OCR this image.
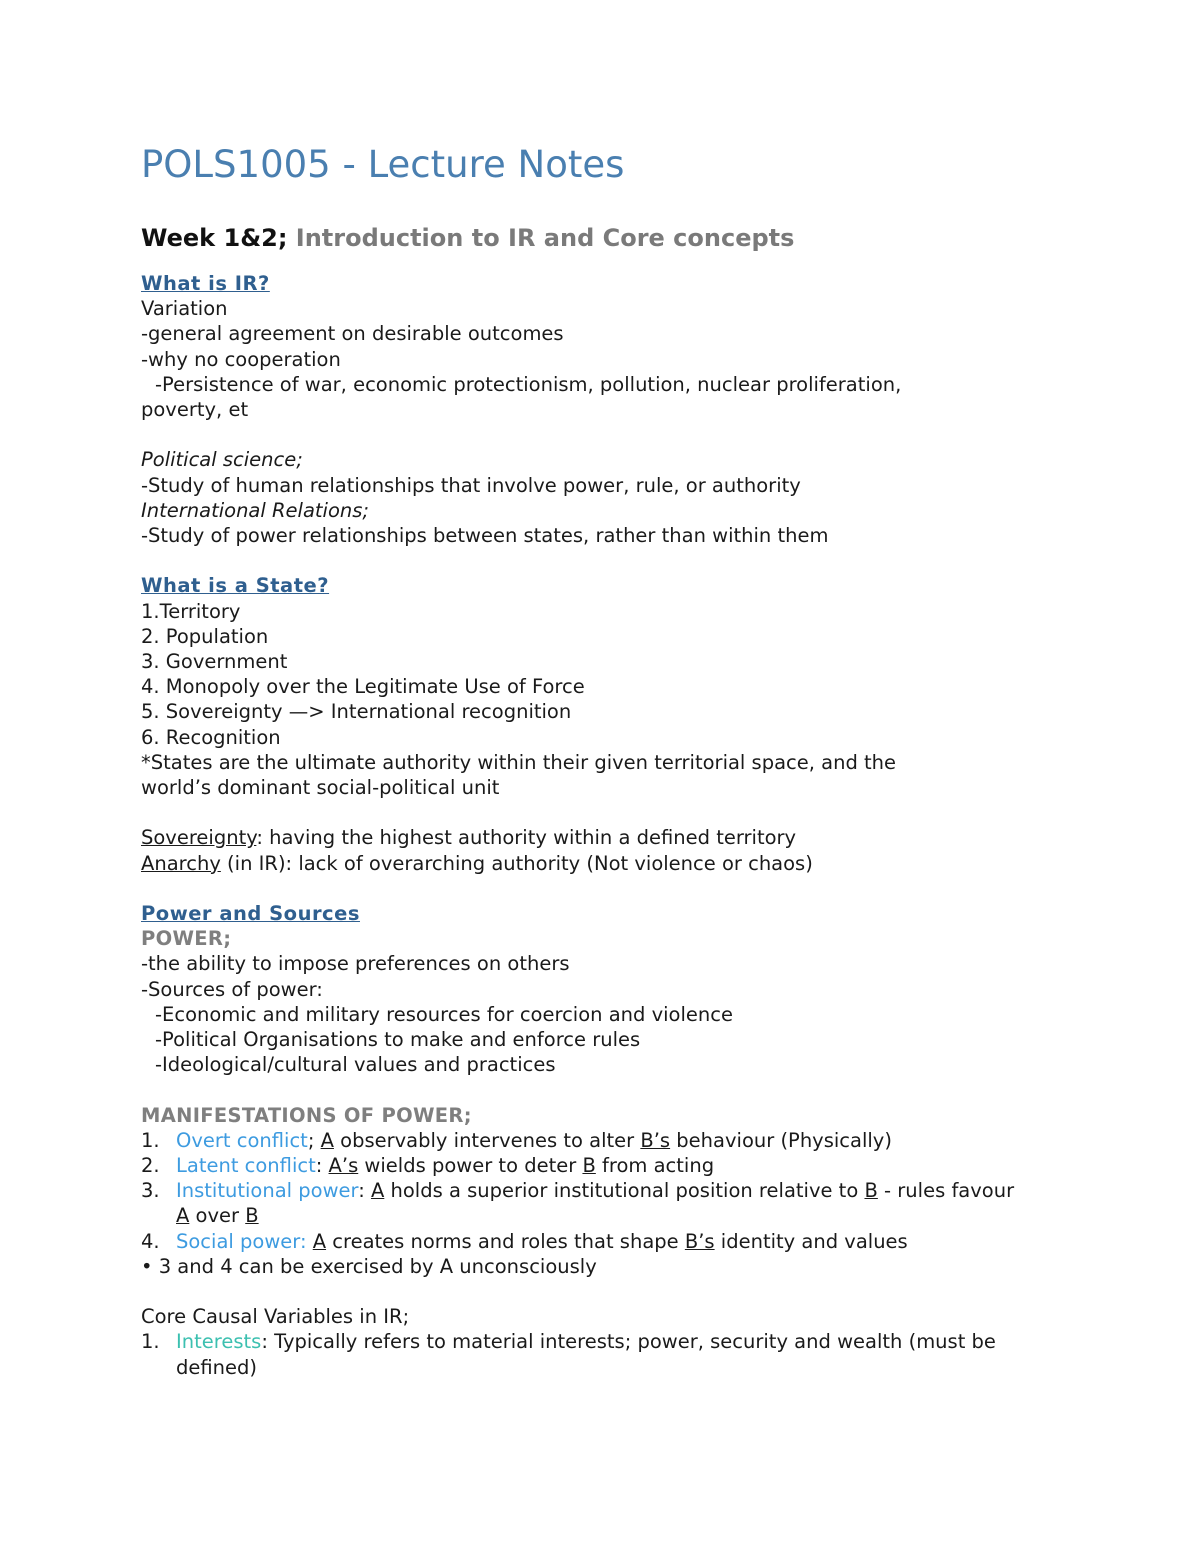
POLS1005 - Lecture Notes
Week 1&2; Introduction to IR and Core concepts
What is IR?
Variation
-general agreement on desirable outcomes
-why no cooperation
-Persistence of war, economic protectionism, pollution, nuclear proliferation,
poverty, et
Political science;
-Study of human relationships that involve power, rule, or authority
International Relations;
-Study of power relationships between states, rather than within them
What is a State?
1.Territory
2. Population
3. Government
4. Monopoly over the Legitimate Use of Force
5. Sovereignty —> International recognition
6. Recognition
*States are the ultimate authority within their given territorial space, and the
world’s dominant social-political unit
Sovereignty: having the highest authority within a defined territory
Anarchy (in IR): lack of overarching authority (Not violence or chaos)
Power and Sources
POWER;
-the ability to impose preferences on others
-Sources of power:
-Economic and military resources for coercion and violence
-Political Organisations to make and enforce rules
-Ideological/cultural values and practices
MANIFESTATIONS OF POWER;
1. Overt conflict; A observably intervenes to alter B’s behaviour (Physically)
2. Latent conflict: A’s wields power to deter B from acting
3. Institutional power: A holds a superior institutional position relative to B - rules favour A over B
4. Social power: A creates norms and roles that shape B’s identity and values
• 3 and 4 can be exercised by A unconsciously
Core Causal Variables in IR;
1. Interests: Typically refers to material interests; power, security and wealth (must be defined)
